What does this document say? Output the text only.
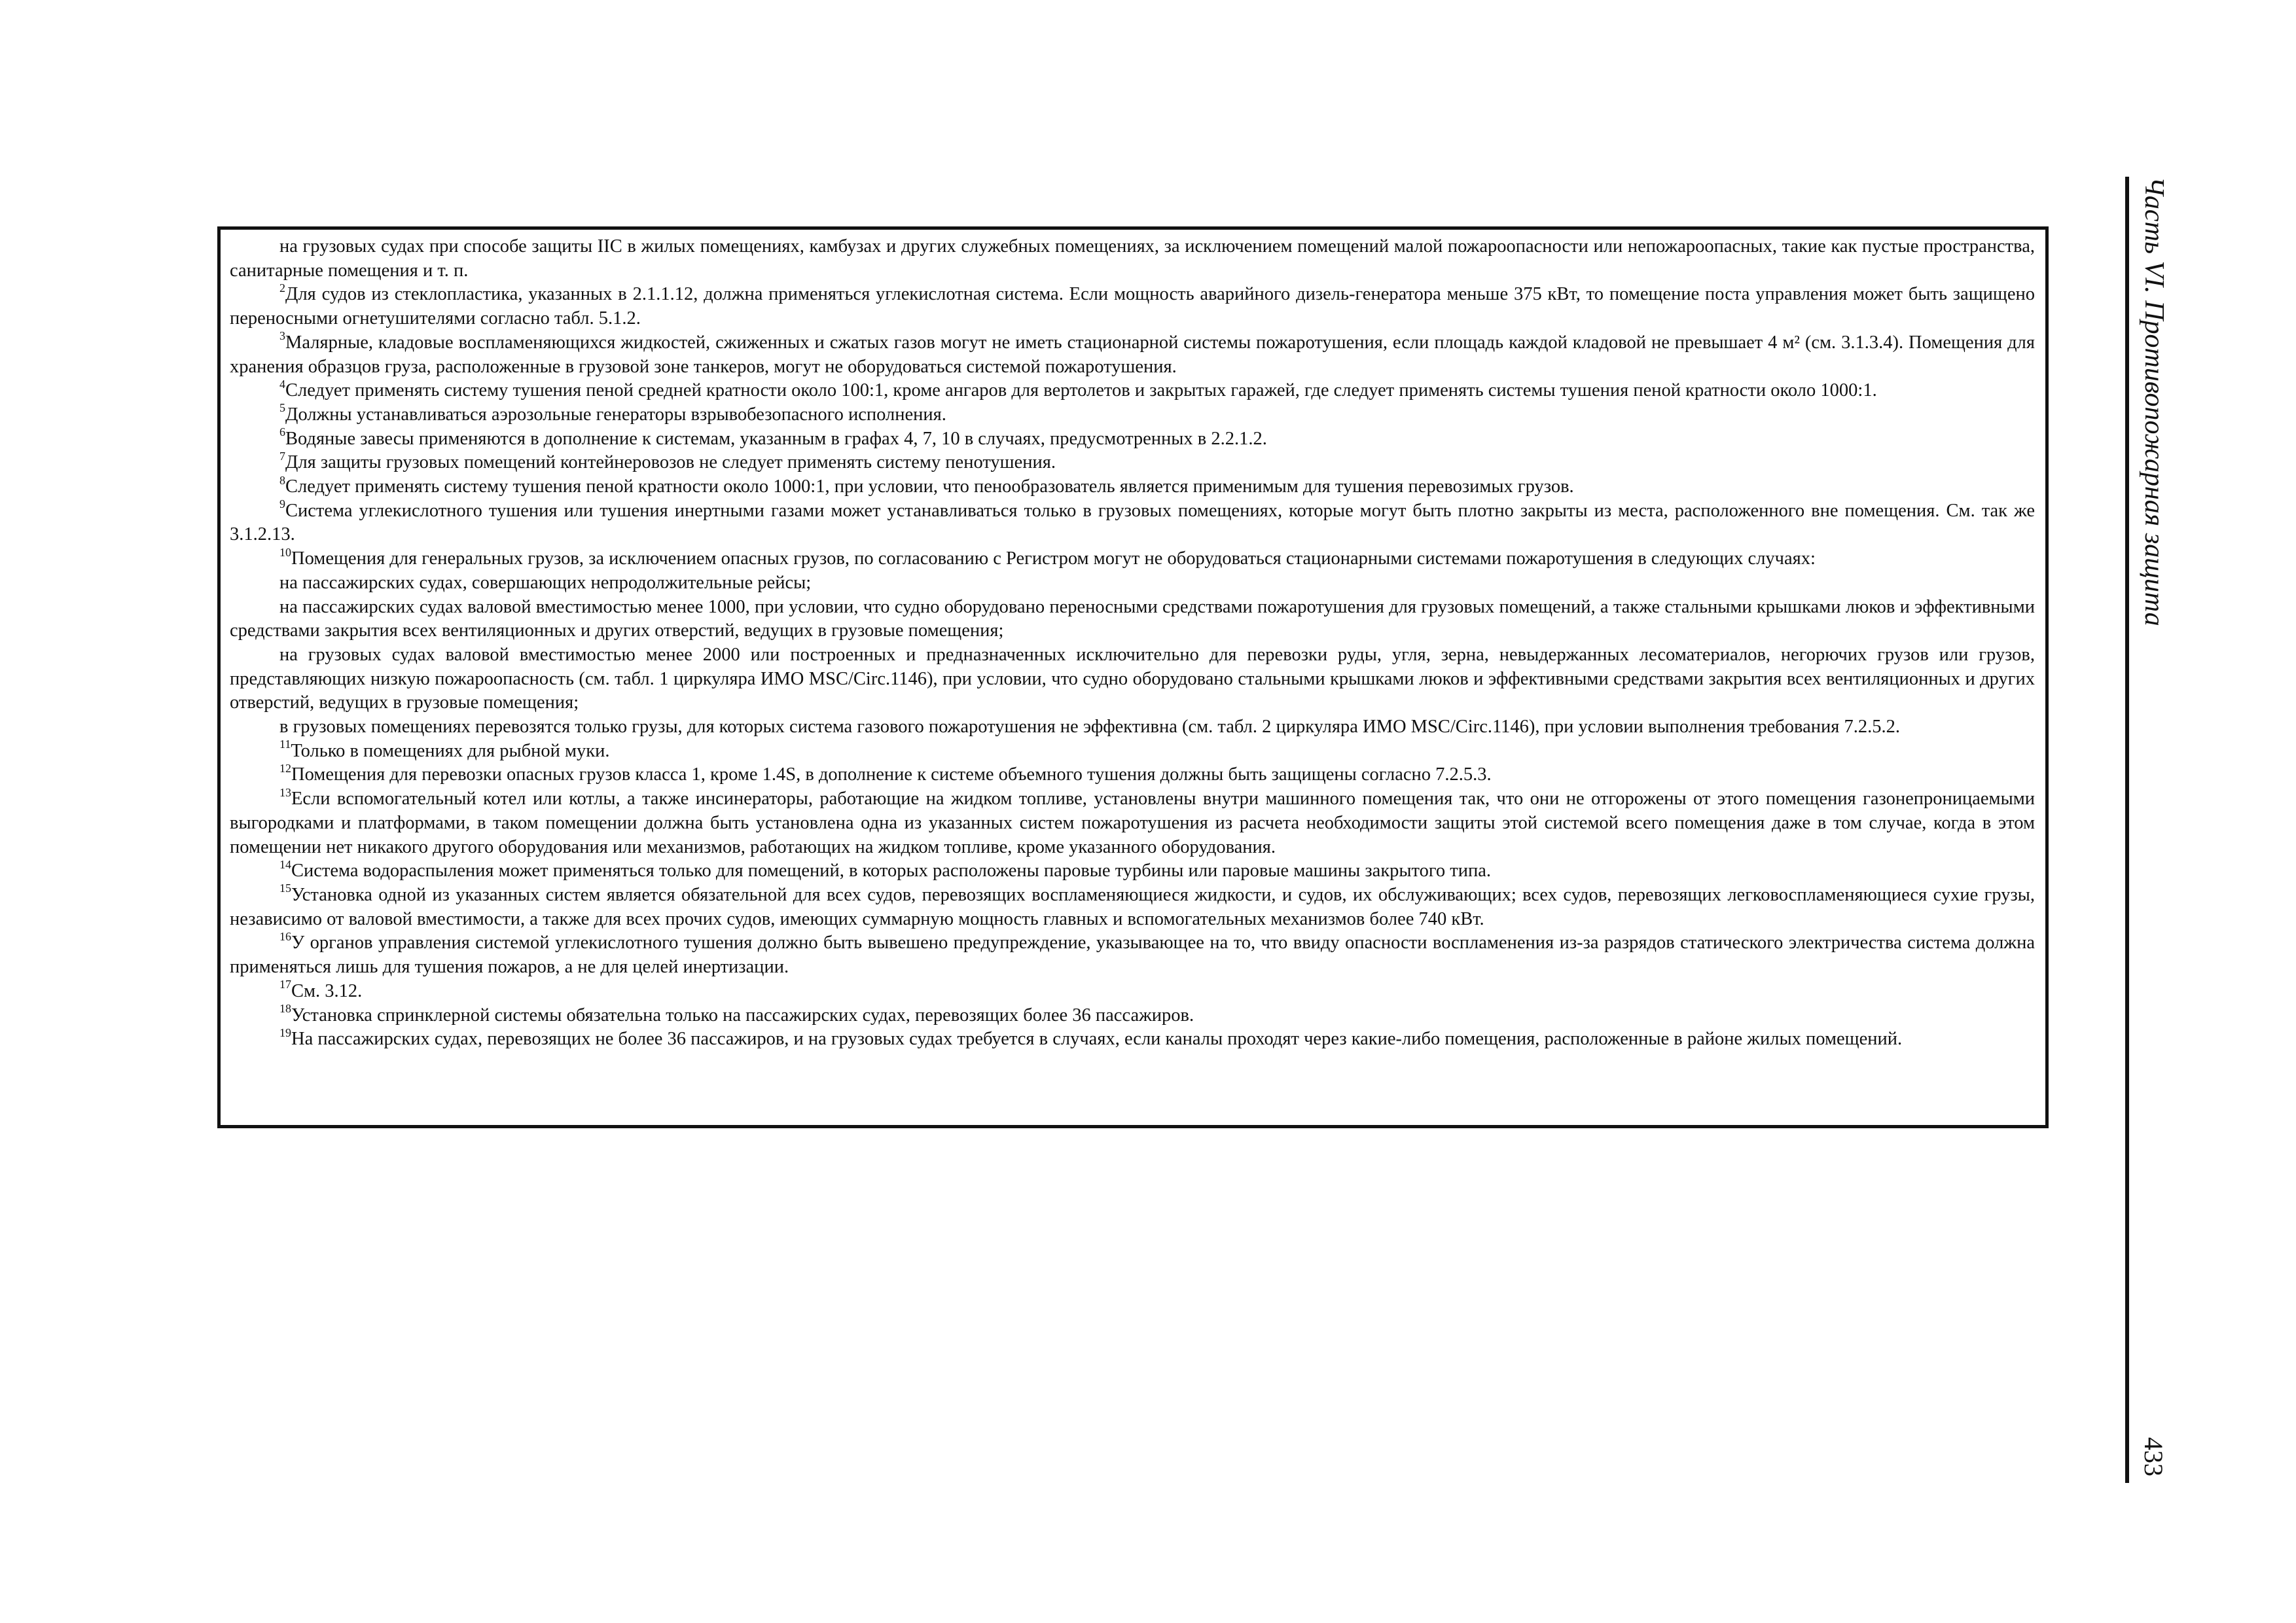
на грузовых судах при способе защиты IIC в жилых помещениях, камбузах и других служебных помещениях, за исключением помещений малой пожароопасности или непожароопасных, такие как пустые пространства, санитарные помещения и т. п.

$^2$Для судов из стеклопластика, указанных в 2.1.1.12, должна применяться углекислотная система. Если мощность аварийного дизель-генератора меньше 375 кВт, то помещение поста управления может быть защищено переносными огнетушителями согласно табл. 5.1.2.

$^3$Малярные, кладовые воспламеняющихся жидкостей, сжиженных и сжатых газов могут не иметь стационарной системы пожаротушения, если площадь каждой кладовой не превышает 4 м² (см. 3.1.3.4). Помещения для хранения образцов груза, расположенные в грузовой зоне танкеров, могут не оборудоваться системой пожаротушения.

$^4$Следует применять систему тушения пеной средней кратности около 100:1, кроме ангаров для вертолетов и закрытых гаражей, где следует применять системы тушения пеной кратности около 1000:1.

$^5$Должны устанавливаться аэрозольные генераторы взрывобезопасного исполнения.

$^6$Водяные завесы применяются в дополнение к системам, указанным в графах 4, 7, 10 в случаях, предусмотренных в 2.2.1.2.

$^7$Для защиты грузовых помещений контейнеровозов не следует применять систему пенотушения.

$^8$Следует применять систему тушения пеной кратности около 1000:1, при условии, что пенообразователь является применимым для тушения перевозимых грузов.

$^9$Система углекислотного тушения или тушения инертными газами может устанавливаться только в грузовых помещениях, которые могут быть плотно закрыты из места, расположенного вне помещения. См. так же 3.1.2.13.

$^{10}$Помещения для генеральных грузов, за исключением опасных грузов, по согласованию с Регистром могут не оборудоваться стационарными системами пожаротушения в следующих случаях:

на пассажирских судах, совершающих непродолжительные рейсы;

на пассажирских судах валовой вместимостью менее 1000, при условии, что судно оборудовано переносными средствами пожаротушения для грузовых помещений, а также стальными крышками люков и эффективными средствами закрытия всех вентиляционных и других отверстий, ведущих в грузовые помещения;

на грузовых судах валовой вместимостью менее 2000 или построенных и предназначенных исключительно для перевозки руды, угля, зерна, невыдержанных лесоматериалов, негорючих грузов или грузов, представляющих низкую пожароопасность (см. табл. 1 циркуляра ИМО MSC/Circ.1146), при условии, что судно оборудовано стальными крышками люков и эффективными средствами закрытия всех вентиляционных и других отверстий, ведущих в грузовые помещения;

в грузовых помещениях перевозятся только грузы, для которых система газового пожаротушения не эффективна (см. табл. 2 циркуляра ИМО MSC/Circ.1146), при условии выполнения требования 7.2.5.2.

$^{11}$Только в помещениях для рыбной муки.

$^{12}$Помещения для перевозки опасных грузов класса 1, кроме 1.4S, в дополнение к системе объемного тушения должны быть защищены согласно 7.2.5.3.

$^{13}$Если вспомогательный котел или котлы, а также инсинераторы, работающие на жидком топливе, установлены внутри машинного помещения так, что они не отгорожены от этого помещения газонепроницаемыми выгородками и платформами, в таком помещении должна быть установлена одна из указанных систем пожаротушения из расчета необходимости защиты этой системой всего помещения даже в том случае, когда в этом помещении нет никакого другого оборудования или механизмов, работающих на жидком топливе, кроме указанного оборудования.

$^{14}$Система водораспыления может применяться только для помещений, в которых расположены паровые турбины или паровые машины закрытого типа.

$^{15}$Установка одной из указанных систем является обязательной для всех судов, перевозящих воспламеняющиеся жидкости, и судов, их обслуживающих; всех судов, перевозящих легковоспламеняющиеся сухие грузы, независимо от валовой вместимости, а также для всех прочих судов, имеющих суммарную мощность главных и вспомогательных механизмов более 740 кВт.

$^{16}$У органов управления системой углекислотного тушения должно быть вывешено предупреждение, указывающее на то, что ввиду опасности воспламенения из-за разрядов статического электричества система должна применяться лишь для тушения пожаров, а не для целей инертизации.

$^{17}$См. 3.12.

$^{18}$Установка спринклерной системы обязательна только на пассажирских судах, перевозящих более 36 пассажиров.

$^{19}$На пассажирских судах, перевозящих не более 36 пассажиров, и на грузовых судах требуется в случаях, если каналы проходят через какие-либо помещения, расположенные в районе жилых помещений.

Часть VI. Противопожарная защита
433
